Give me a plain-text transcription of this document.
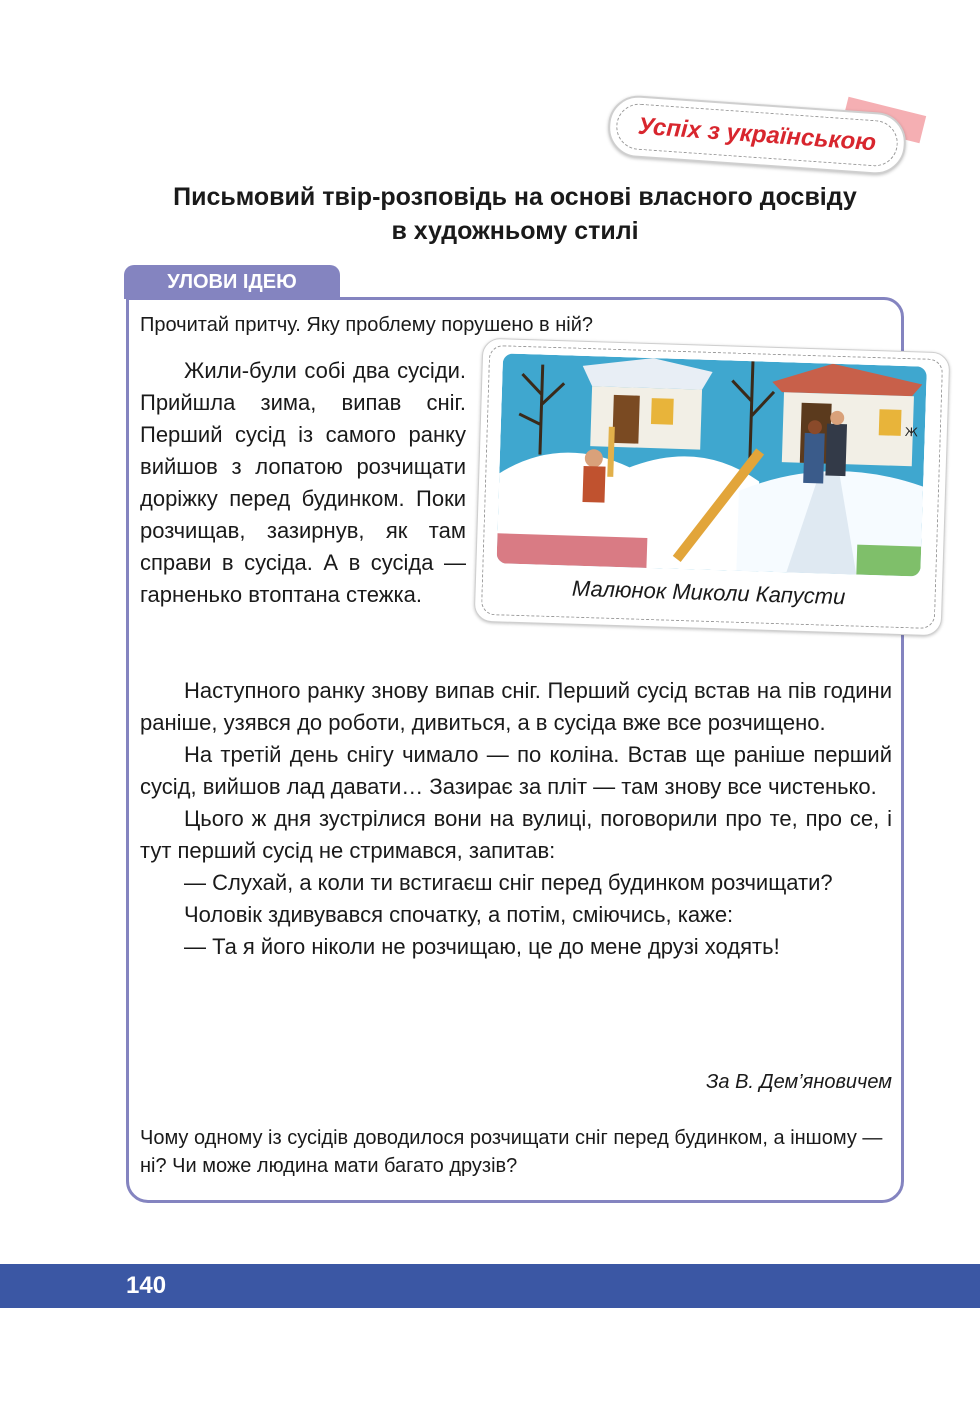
Успіх з українською
Письмовий твір-розповідь на основі власного досвіду
в художньому стилі
УЛОВИ ІДЕЮ
Прочитай притчу. Яку проблему порушено в ній?

Жили-були собі два сусіди. Прийшла зима, випав сніг. Перший сусід із самого ранку вийшов з лопатою розчищати доріжку перед будинком. Поки розчищав, зазирнув, як там справи в сусіда. А в сусіда — гарненько втоптана стежка.

Ж
Малюнок Миколи Капусти

Наступного ранку знову випав сніг. Перший сусід встав на пів години раніше, узявся до роботи, дивиться, а в сусіда вже все розчищено.

На третій день снігу чимало — по коліна. Встав ще раніше перший сусід, вийшов лад давати… Зазирає за пліт — там знову все чистенько.

Цього ж дня зустрілися вони на вулиці, поговорили про те, про се, і тут перший сусід не стримався, запитав:

— Слухай, а коли ти встигаєш сніг перед будинком розчищати?

Чоловік здивувався спочатку, а потім, сміючись, каже:

— Та я його ніколи не розчищаю, це до мене друзі ходять!

За В. Дем’яновичем
Чому одному із сусідів доводилося розчищати сніг перед будинком, а іншому — ні? Чи може людина мати багато друзів?
140
